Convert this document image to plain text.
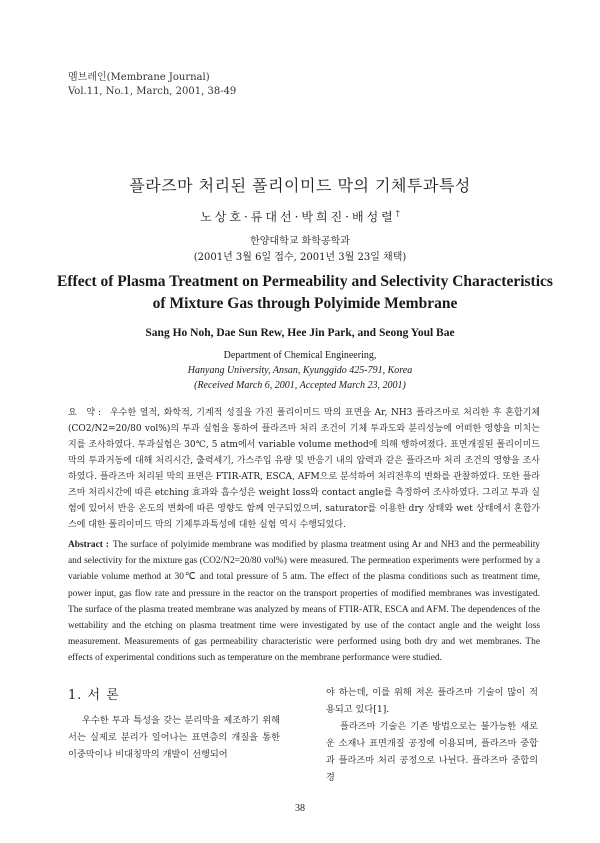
멤브레인(Membrane Journal)
Vol.11, No.1, March, 2001, 38-49
플라즈마 처리된 폴리이미드 막의 기체투과특성
노상호·류대선·박희진·배성렬†
한양대학교 화학공학과
(2001년 3월 6일 접수, 2001년 3월 23일 채택)
Effect of Plasma Treatment on Permeability and Selectivity Characteristics
of Mixture Gas through Polyimide Membrane
Sang Ho Noh, Dae Sun Rew, Hee Jin Park, and Seong Youl Bae
Department of Chemical Engineering,
Hanyang University, Ansan, Kyunggido 425-791, Korea
(Received March 6, 2001, Accepted March 23, 2001)
요 약: 우수한 열적, 화학적, 기계적 성질을 가진 폴리이미드 막의 표면을 Ar, NH3 플라즈마로 처리한 후 혼합기체(CO2/N2=20/80 vol%)의 투과 실험을 통하여 플라즈마 처리 조건이 기체 투과도와 분리성능에 어떠한 영향을 미치는지를 조사하였다. 투과실험은 30℃, 5 atm에서 variable volume method에 의해 행하여졌다. 표면개질된 폴리이미드 막의 투과거동에 대해 처리시간, 출력세기, 가스주입 유량 및 반응기 내의 압력과 같은 플라즈마 처리 조건의 영향을 조사하였다. 플라즈마 처리된 막의 표면은 FTIR-ATR, ESCA, AFM으로 분석하여 처리전후의 변화를 관찰하였다. 또한 플라즈마 처리시간에 따른 etching 효과와 흡수성은 weight loss와 contact angle를 측정하여 조사하였다. 그리고 투과 실험에 있어서 반응 온도의 변화에 따른 영향도 함께 연구되었으며, saturator를 이용한 dry 상태와 wet 상태에서 혼합가스에 대한 폴리이미드 막의 기체투과특성에 대한 실험 역시 수행되었다.
Abstract : The surface of polyimide membrane was modified by plasma treatment using Ar and NH3 and the permeability and selectivity for the mixture gas (CO2/N2=20/80 vol%) were measured. The permeation experiments were performed by a variable volume method at 30℃ and total pressure of 5 atm. The effect of the plasma conditions such as treatment time, power input, gas flow rate and pressure in the reactor on the transport properties of modified membranes was investigated. The surface of the plasma treated membrane was analyzed by means of FTIR-ATR, ESCA and AFM. The dependences of the wettability and the etching on plasma treatment time were investigated by use of the contact angle and the weight loss measurement. Measurements of gas permeability characteristic were performed using both dry and wet membranes. The effects of experimental conditions such as temperature on the membrane performance were studied.
1. 서 론
우수한 투과 특성을 갖는 분리막을 제조하기 위해서는 실제로 분리가 일어나는 표면층의 개질을 통한 이중막이나 비대칭막의 개발이 선행되어
야 하는데, 이를 위해 저온 플라즈마 기술이 많이 적용되고 있다[1].
플라즈마 기술은 기존 방법으로는 불가능한 새로운 소재나 표면개질 공정에 이용되며, 플라즈마 중합과 플라즈마 처리 공정으로 나뉜다. 플라즈마 중합의 경
38
